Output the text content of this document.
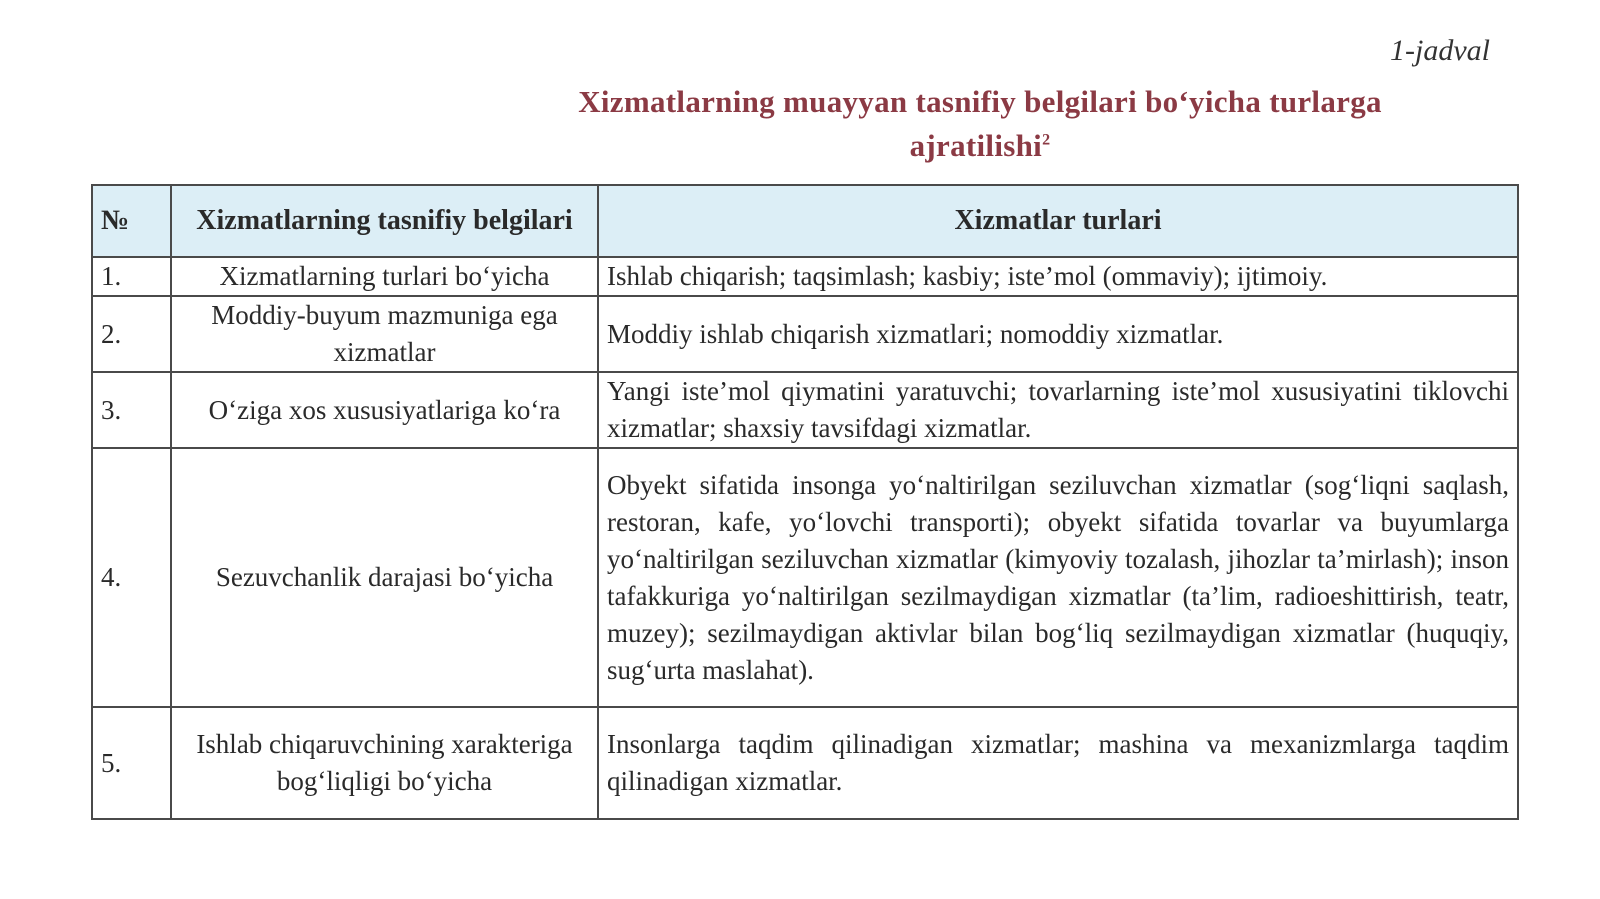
1-jadval
Xizmatlarning muayyan tasnifiy belgilari bo‘yicha turlarga ajratilishi$^2$
№	Xizmatlarning tasnifiy belgilari	Xizmatlar turlari
1.	Xizmatlarning turlari bo‘yicha	Ishlab chiqarish; taqsimlash; kasbiy; iste’mol (ommaviy); ijtimoiy.
2.	Moddiy-buyum mazmuniga ega xizmatlar	Moddiy ishlab chiqarish xizmatlari; nomoddiy xizmatlar.
3.	O‘ziga xos xususiyatlariga ko‘ra	Yangi iste’mol qiymatini yaratuvchi; tovarlarning iste’mol xususiyatini tiklovchi xizmatlar; shaxsiy tavsifdagi xizmatlar.
4.	Sezuvchanlik darajasi bo‘yicha	Obyekt sifatida insonga yo‘naltirilgan seziluvchan xizmatlar (sog‘liqni saqlash, restoran, kafe, yo‘lovchi transporti); obyekt sifatida tovarlar va buyumlarga yo‘naltirilgan seziluvchan xizmatlar (kimyoviy tozalash, jihozlar ta’mirlash); inson tafakkuriga yo‘naltirilgan sezilmaydigan xizmatlar (ta’lim, radioeshittirish, teatr, muzey); sezilmaydigan aktivlar bilan bog‘liq sezilmaydigan xizmatlar (huquqiy, sug‘urta maslahat).
5.	Ishlab chiqaruvchining xarakteriga bog‘liqligi bo‘yicha	Insonlarga taqdim qilinadigan xizmatlar; mashina va mexanizmlarga taqdim qilinadigan xizmatlar.
